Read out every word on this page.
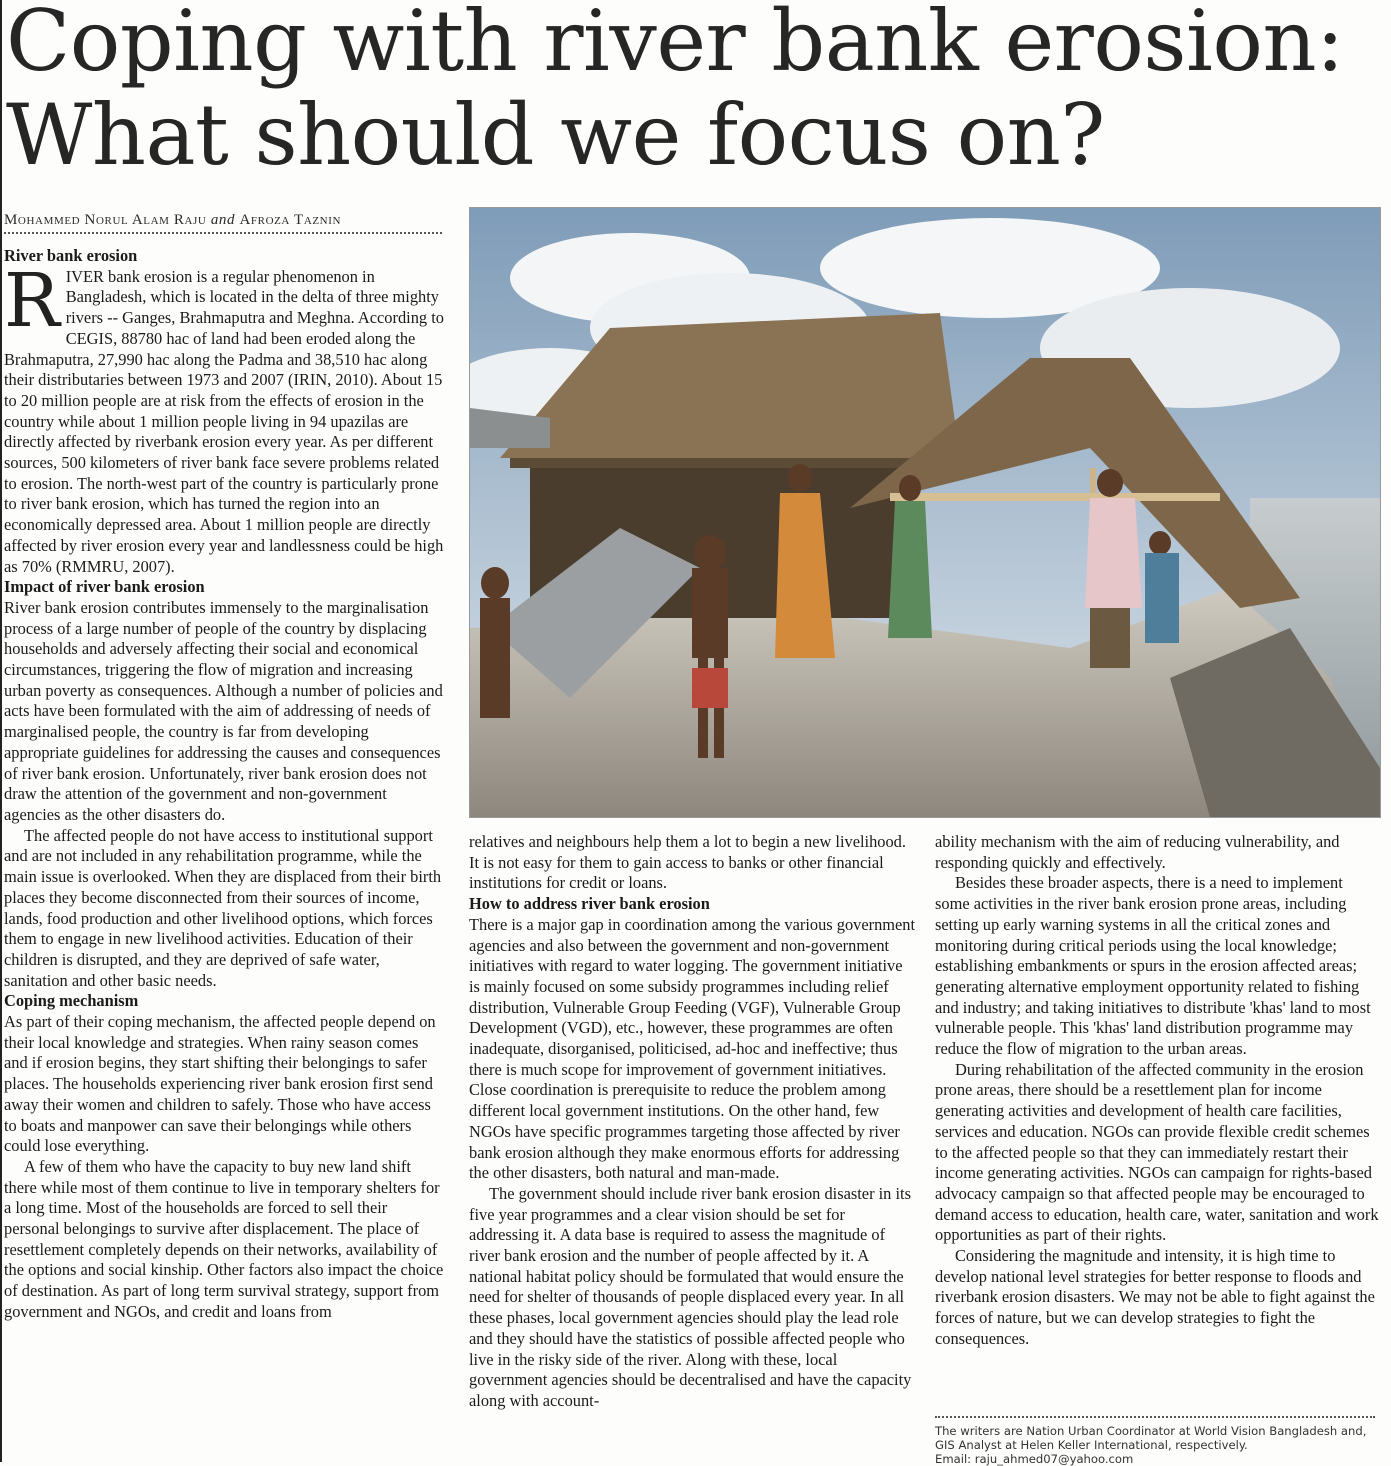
Coping with river bank erosion:
What should we focus on?
Mohammed Norul Alam Raju and Afroza Taznin
River bank erosion

RIVER bank erosion is a regular phenomenon in Bangladesh, which is located in the delta of three mighty rivers -- Ganges, Brahmaputra and Meghna. According to CEGIS, 88780 hac of land had been eroded along the Brahmaputra, 27,990 hac along the Padma and 38,510 hac along their distributaries between 1973 and 2007 (IRIN, 2010). About 15 to 20 million people are at risk from the effects of erosion in the country while about 1 million people living in 94 upazilas are directly affected by riverbank erosion every year. As per different sources, 500 kilometers of river bank face severe problems related to erosion. The north-west part of the country is particularly prone to river bank erosion, which has turned the region into an economically depressed area. About 1 million people are directly affected by river erosion every year and landlessness could be high as 70% (RMMRU, 2007).

Impact of river bank erosion

River bank erosion contributes immensely to the marginalisation process of a large number of people of the country by displacing households and adversely affecting their social and economical circumstances, triggering the flow of migration and increasing urban poverty as consequences. Although a number of policies and acts have been formulated with the aim of addressing of needs of marginalised people, the country is far from developing appropriate guidelines for addressing the causes and consequences of river bank erosion. Unfortunately, river bank erosion does not draw the attention of the government and non-government agencies as the other disasters do.

The affected people do not have access to institutional support and are not included in any rehabilitation programme, while the main issue is overlooked. When they are displaced from their birth places they become disconnected from their sources of income, lands, food production and other livelihood options, which forces them to engage in new livelihood activities. Education of their children is disrupted, and they are deprived of safe water, sanitation and other basic needs.

Coping mechanism

As part of their coping mechanism, the affected people depend on their local knowledge and strategies. When rainy season comes and if erosion begins, they start shifting their belongings to safer places. The households experiencing river bank erosion first send away their women and children to safely. Those who have access to boats and manpower can save their belongings while others could lose everything.

A few of them who have the capacity to buy new land shift there while most of them continue to live in temporary shelters for a long time. Most of the households are forced to sell their personal belongings to survive after displacement. The place of resettlement completely depends on their networks, availability of the options and social kinship. Other factors also impact the choice of destination. As part of long term survival strategy, support from government and NGOs, and credit and loans from

relatives and neighbours help them a lot to begin a new livelihood. It is not easy for them to gain access to banks or other financial institutions for credit or loans.

How to address river bank erosion

There is a major gap in coordination among the various government agencies and also between the government and non-government initiatives with regard to water logging. The government initiative is mainly focused on some subsidy programmes including relief distribution, Vulnerable Group Feeding (VGF), Vulnerable Group Development (VGD), etc., however, these programmes are often inadequate, disorganised, politicised, ad-hoc and ineffective; thus there is much scope for improvement of government initiatives. Close coordination is prerequisite to reduce the problem among different local government institutions. On the other hand, few NGOs have specific programmes targeting those affected by river bank erosion although they make enormous efforts for addressing the other disasters, both natural and man-made.

The government should include river bank erosion disaster in its five year programmes and a clear vision should be set for addressing it. A data base is required to assess the magnitude of river bank erosion and the number of people affected by it. A national habitat policy should be formulated that would ensure the need for shelter of thousands of people displaced every year. In all these phases, local government agencies should play the lead role and they should have the statistics of possible affected people who live in the risky side of the river. Along with these, local government agencies should be decentralised and have the capacity along with account-

ability mechanism with the aim of reducing vulnerability, and responding quickly and effectively.

Besides these broader aspects, there is a need to implement some activities in the river bank erosion prone areas, including setting up early warning systems in all the critical zones and monitoring during critical periods using the local knowledge; establishing embankments or spurs in the erosion affected areas; generating alternative employment opportunity related to fishing and industry; and taking initiatives to distribute 'khas' land to most vulnerable people. This 'khas' land distribution programme may reduce the flow of migration to the urban areas.

During rehabilitation of the affected community in the erosion prone areas, there should be a resettlement plan for income generating activities and development of health care facilities, services and education. NGOs can provide flexible credit schemes to the affected people so that they can immediately restart their income generating activities. NGOs can campaign for rights-based advocacy campaign so that affected people may be encouraged to demand access to education, health care, water, sanitation and work opportunities as part of their rights.

Considering the magnitude and intensity, it is high time to develop national level strategies for better response to floods and riverbank erosion disasters. We may not be able to fight against the forces of nature, but we can develop strategies to fight the consequences.

The writers are Nation Urban Coordinator at World Vision Bangladesh and, GIS Analyst at Helen Keller International, respectively.
Email: raju_ahmed07@yahoo.com
